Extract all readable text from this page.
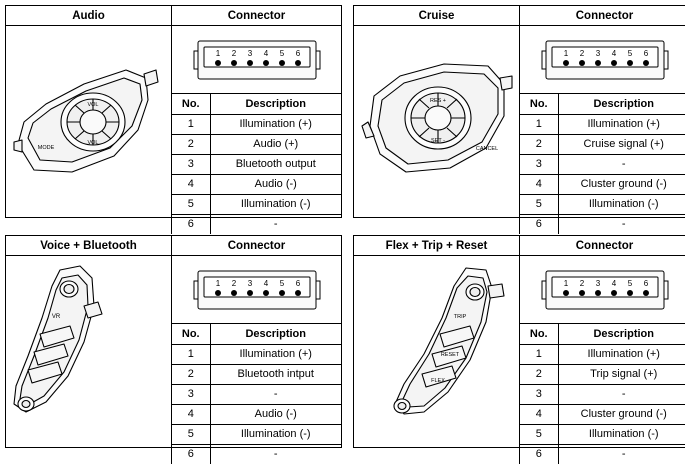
Audio
VOL
MODE
VOL
Connector
1 2 3 4 5 6
No.	Description
1	Illumination (+)
2	Audio (+)
3	Bluetooth output
4	Audio (-)
5	Illumination (-)
6	-
Cruise
RES +
SET -
CANCEL
Connector
1 2 3 4 5 6
No.	Description
1	Illumination (+)
2	Cruise signal (+)
3	-
4	Cluster ground (-)
5	Illumination (-)
6	-
Voice + Bluetooth
VR
Connector
1 2 3 4 5 6
No.	Description
1	Illumination (+)
2	Bluetooth intput
3	-
4	Audio (-)
5	Illumination (-)
6	-
Flex + Trip + Reset
TRIP
RESET
FLEX
Connector
1 2 3 4 5 6
No.	Description
1	Illumination (+)
2	Trip signal (+)
3	-
4	Cluster ground (-)
5	Illumination (-)
6	-
